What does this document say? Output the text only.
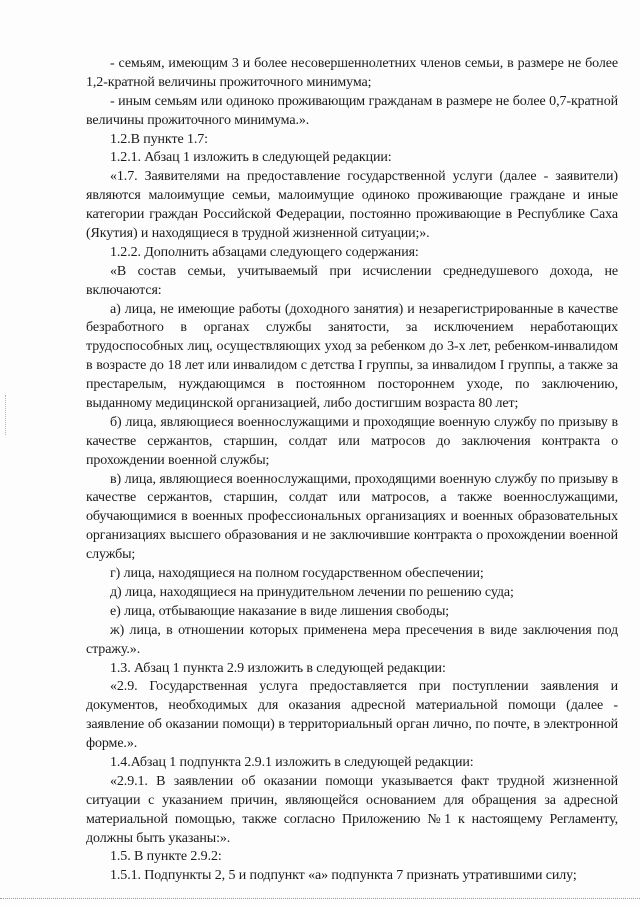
- семьям, имеющим 3 и более несовершеннолетних членов семьи, в размере не более 1,2-кратной величины прожиточного минимума;

- иным семьям или одиноко проживающим гражданам в размере не более 0,7-кратной величины прожиточного минимума.».

1.2.В пункте 1.7:

1.2.1. Абзац 1 изложить в следующей редакции:

«1.7. Заявителями на предоставление государственной услуги (далее - заявители) являются малоимущие семьи, малоимущие одиноко проживающие граждане и иные категории граждан Российской Федерации, постоянно проживающие в Республике Саха (Якутия) и находящиеся в трудной жизненной ситуации;».

1.2.2. Дополнить абзацами следующего содержания:

«В состав семьи, учитываемый при исчислении среднедушевого дохода, не включаются:

а) лица, не имеющие работы (доходного занятия) и незарегистрированные в качестве безработного в органах службы занятости, за исключением неработающих трудоспособных лиц, осуществляющих уход за ребенком до 3-х лет, ребенком-инвалидом в возрасте до 18 лет или инвалидом с детства I группы, за инвалидом I группы, а также за престарелым, нуждающимся в постоянном постороннем уходе, по заключению, выданному медицинской организацией, либо достигшим возраста 80 лет;

б) лица, являющиеся военнослужащими и проходящие военную службу по призыву в качестве сержантов, старшин, солдат или матросов до заключения контракта о прохождении военной службы;

в) лица, являющиеся военнослужащими, проходящими военную службу по призыву в качестве сержантов, старшин, солдат или матросов, а также военнослужащими, обучающимися в военных профессиональных организациях и военных образовательных организациях высшего образования и не заключившие контракта о прохождении военной службы;

г) лица, находящиеся на полном государственном обеспечении;

д) лица, находящиеся на принудительном лечении по решению суда;

е) лица, отбывающие наказание в виде лишения свободы;

ж) лица, в отношении которых применена мера пресечения в виде заключения под стражу.».

1.3. Абзац 1 пункта 2.9 изложить в следующей редакции:

«2.9. Государственная услуга предоставляется при поступлении заявления и документов, необходимых для оказания адресной материальной помощи (далее - заявление об оказании помощи) в территориальный орган лично, по почте, в электронной форме.».

1.4.Абзац 1 подпункта 2.9.1 изложить в следующей редакции:

«2.9.1. В заявлении об оказании помощи указывается факт трудной жизненной ситуации с указанием причин, являющейся основанием для обращения за адресной материальной помощью, также согласно Приложению №1 к настоящему Регламенту, должны быть указаны:».

1.5. В пункте 2.9.2:

1.5.1. Подпункты 2, 5 и подпункт «а» подпункта 7 признать утратившими силу;
